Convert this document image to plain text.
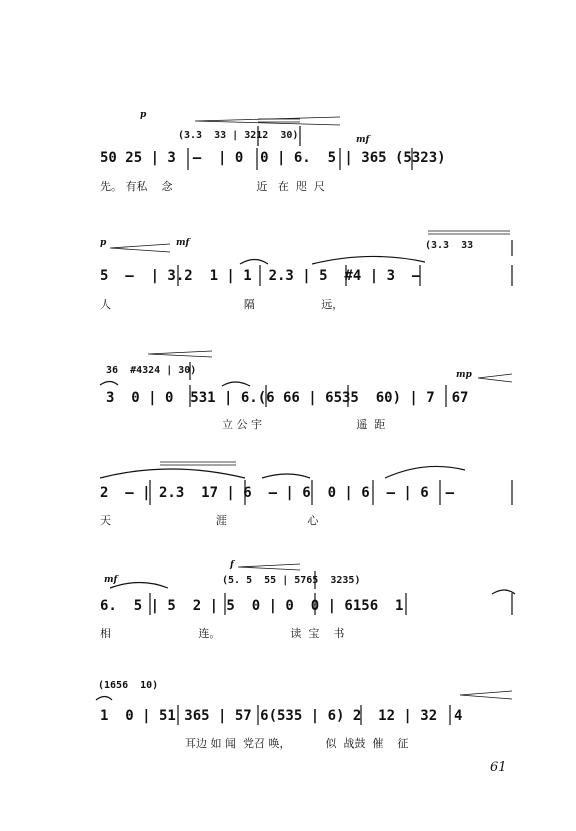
p
mf
(3.3  33 | 3212  30)
50 25 | 3  —  | 0  0 | 6.  5 | 365 (5323)
先。 有私    念                        近   在  咫  尺
p	mf	(3.3  33
5  —  | 3.2  1 | 1  2.3 | 5  #4 | 3  —
人                                      隔                   远，
mp
36  #4324 | 30)
3  0 | 0  531 | 6.(6 66 | 6535  60) | 7  67
立 公 宇                           遥  距
2  — | 2.3  17 | 6  — | 6  0 | 6  — | 6  —
天                              涯                       心
mf
f
(5. 5  55 | 5765  3235)
6.  5 | 5  2 | 5  0 | 0  0 | 6156  1
相                         连。                    读  宝    书
(1656  10)
1  0 | 51 365 | 57 6(535 | 6) 2  12 | 32  4
耳边 如 闻  党召 唤，          似  战鼓  催    征
61
